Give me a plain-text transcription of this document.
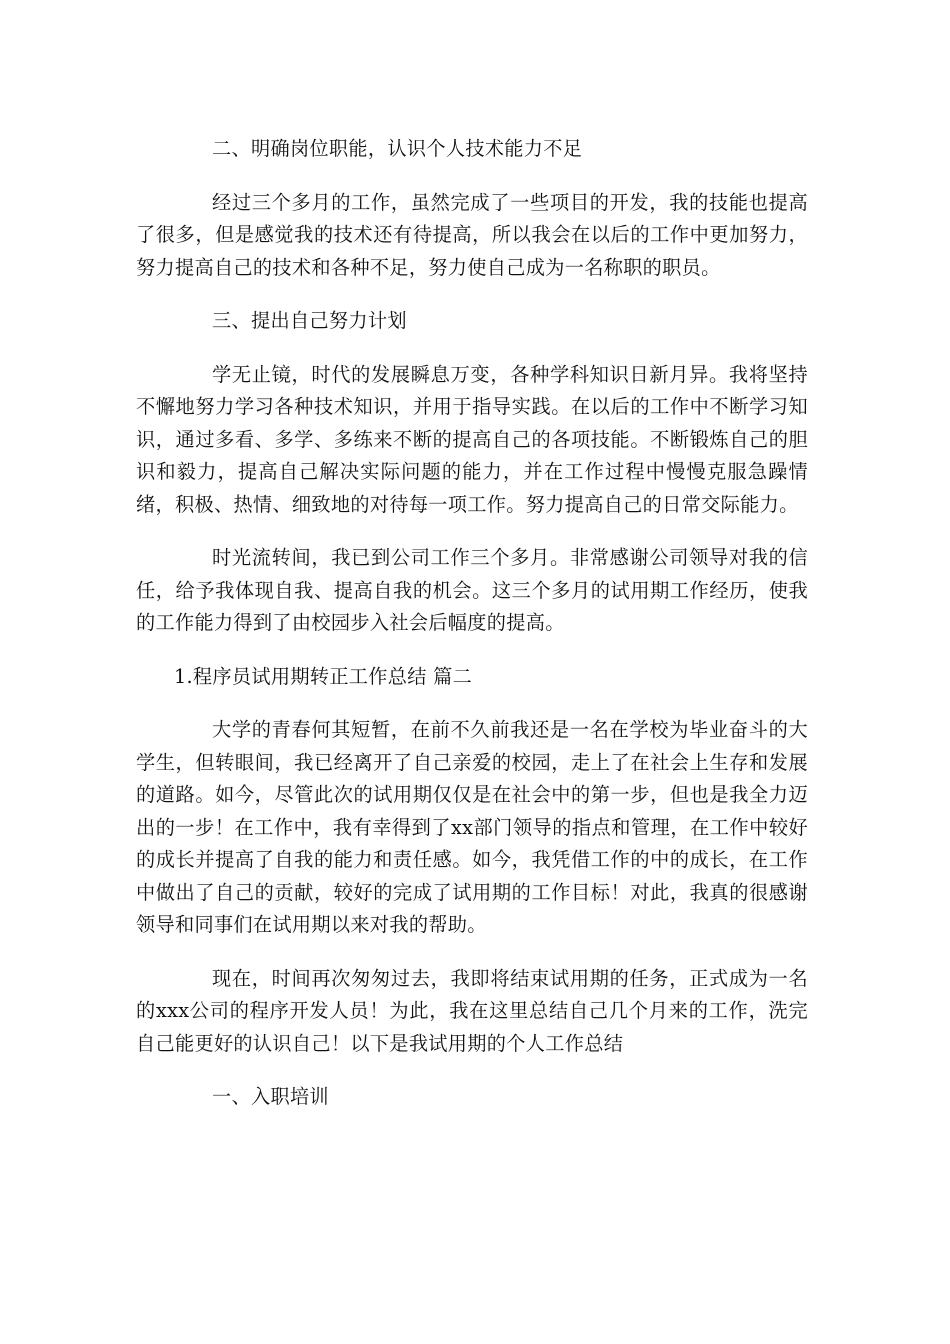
二、明确岗位职能，认识个人技术能力不足

经过三个多月的工作，虽然完成了一些项目的开发，我的技能也提高了很多，但是感觉我的技术还有待提高，所以我会在以后的工作中更加努力，努力提高自己的技术和各种不足，努力使自己成为一名称职的职员。

三、提出自己努力计划

学无止镜，时代的发展瞬息万变，各种学科知识日新月异。我将坚持不懈地努力学习各种技术知识，并用于指导实践。在以后的工作中不断学习知识，通过多看、多学、多练来不断的提高自己的各项技能。不断锻炼自己的胆识和毅力，提高自己解决实际问题的能力，并在工作过程中慢慢克服急躁情绪，积极、热情、细致地的对待每一项工作。努力提高自己的日常交际能力。

时光流转间，我已到公司工作三个多月。非常感谢公司领导对我的信任，给予我体现自我、提高自我的机会。这三个多月的试用期工作经历，使我的工作能力得到了由校园步入社会后幅度的提高。

1.程序员试用期转正工作总结 篇二

大学的青春何其短暂，在前不久前我还是一名在学校为毕业奋斗的大学生，但转眼间，我已经离开了自己亲爱的校园，走上了在社会上生存和发展的道路。如今，尽管此次的试用期仅仅是在社会中的第一步，但也是我全力迈出的一步！在工作中，我有幸得到了xx部门领导的指点和管理，在工作中较好的成长并提高了自我的能力和责任感。如今，我凭借工作的中的成长，在工作中做出了自己的贡献，较好的完成了试用期的工作目标！对此，我真的很感谢领导和同事们在试用期以来对我的帮助。

现在，时间再次匆匆过去，我即将结束试用期的任务，正式成为一名的xxx公司的程序开发人员！为此，我在这里总结自己几个月来的工作，洗完自己能更好的认识自己！以下是我试用期的个人工作总结

一、入职培训
